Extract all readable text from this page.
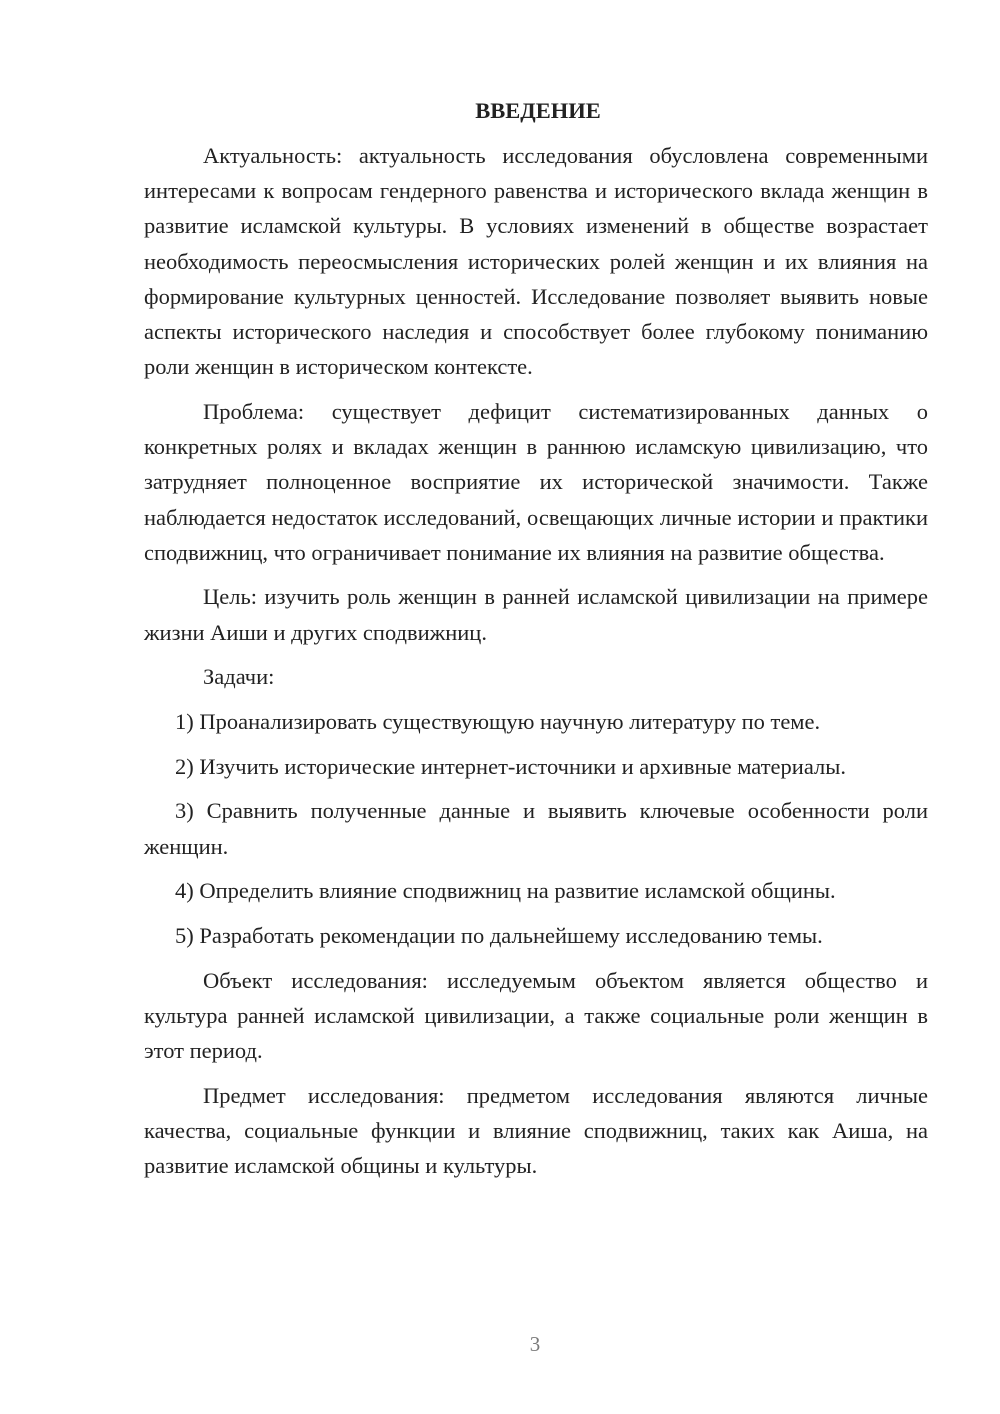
ВВЕДЕНИЕ

Актуальность: актуальность исследования обусловлена современными интересами к вопросам гендерного равенства и исторического вклада женщин в развитие исламской культуры. В условиях изменений в обществе возрастает необходимость переосмысления исторических ролей женщин и их влияния на формирование культурных ценностей. Исследование позволяет выявить новые аспекты исторического наследия и способствует более глубокому пониманию роли женщин в историческом контексте.

Проблема: существует дефицит систематизированных данных о конкретных ролях и вкладах женщин в раннюю исламскую цивилизацию, что затрудняет полноценное восприятие их исторической значимости. Также наблюдается недостаток исследований, освещающих личные истории и практики сподвижниц, что ограничивает понимание их влияния на развитие общества.

Цель: изучить роль женщин в ранней исламской цивилизации на примере жизни Аиши и других сподвижниц.

Задачи:

1) Проанализировать существующую научную литературу по теме.

2) Изучить исторические интернет-источники и архивные материалы.

3) Сравнить полученные данные и выявить ключевые особенности роли женщин.

4) Определить влияние сподвижниц на развитие исламской общины.

5) Разработать рекомендации по дальнейшему исследованию темы.

Объект исследования: исследуемым объектом является общество и культура ранней исламской цивилизации, а также социальные роли женщин в этот период.

Предмет исследования: предметом исследования являются личные качества, социальные функции и влияние сподвижниц, таких как Аиша, на развитие исламской общины и культуры.

3
